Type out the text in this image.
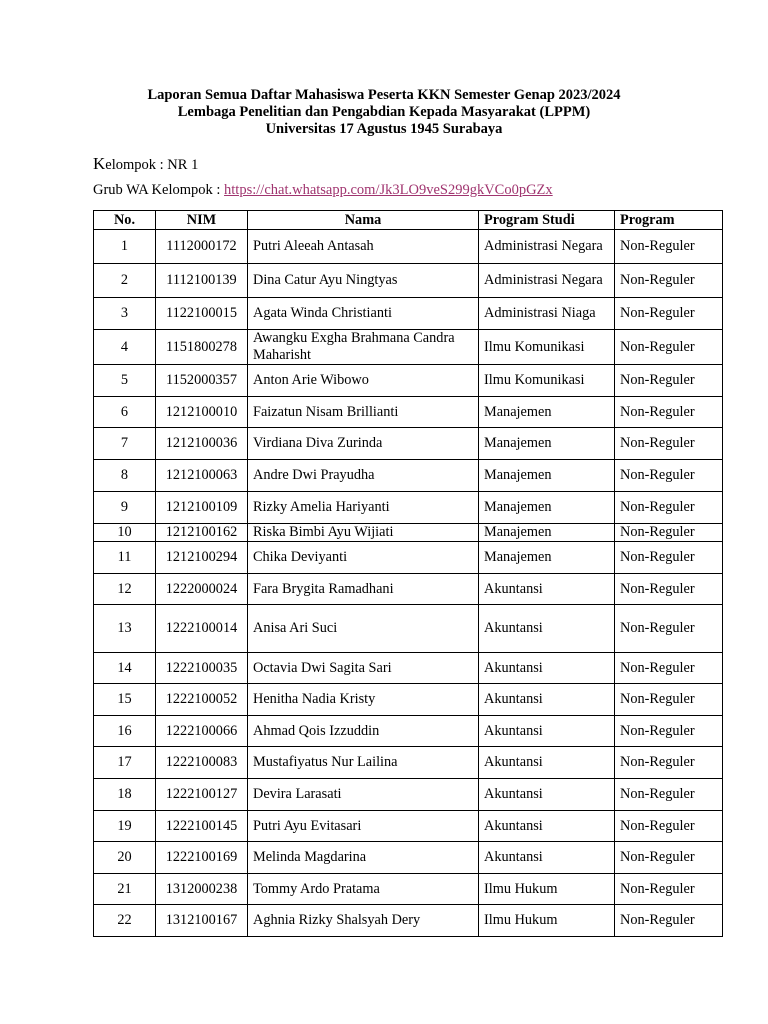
Laporan Semua Daftar Mahasiswa Peserta KKN Semester Genap 2023/2024
Lembaga Penelitian dan Pengabdian Kepada Masyarakat (LPPM)
Universitas 17 Agustus 1945 Surabaya
Kelompok : NR 1
Grub WA Kelompok : https://chat.whatsapp.com/Jk3LO9veS299gkVCo0pGZx
No.	NIM	Nama	Program Studi	Program
1	1112000172	Putri Aleeah Antasah	Administrasi Negara	Non-Reguler
2	1112100139	Dina Catur Ayu Ningtyas	Administrasi Negara	Non-Reguler
3	1122100015	Agata Winda Christianti	Administrasi Niaga	Non-Reguler
4	1151800278	Awangku Exgha Brahmana Candra Maharisht	Ilmu Komunikasi	Non-Reguler
5	1152000357	Anton Arie Wibowo	Ilmu Komunikasi	Non-Reguler
6	1212100010	Faizatun Nisam Brillianti	Manajemen	Non-Reguler
7	1212100036	Virdiana Diva Zurinda	Manajemen	Non-Reguler
8	1212100063	Andre Dwi Prayudha	Manajemen	Non-Reguler
9	1212100109	Rizky Amelia Hariyanti	Manajemen	Non-Reguler
10	1212100162	Riska Bimbi Ayu Wijiati	Manajemen	Non-Reguler
11	1212100294	Chika Deviyanti	Manajemen	Non-Reguler
12	1222000024	Fara Brygita Ramadhani	Akuntansi	Non-Reguler
13	1222100014	Anisa Ari Suci	Akuntansi	Non-Reguler
14	1222100035	Octavia Dwi Sagita Sari	Akuntansi	Non-Reguler
15	1222100052	Henitha Nadia Kristy	Akuntansi	Non-Reguler
16	1222100066	Ahmad Qois Izzuddin	Akuntansi	Non-Reguler
17	1222100083	Mustafiyatus Nur Lailina	Akuntansi	Non-Reguler
18	1222100127	Devira Larasati	Akuntansi	Non-Reguler
19	1222100145	Putri Ayu Evitasari	Akuntansi	Non-Reguler
20	1222100169	Melinda Magdarina	Akuntansi	Non-Reguler
21	1312000238	Tommy Ardo Pratama	Ilmu Hukum	Non-Reguler
22	1312100167	Aghnia Rizky Shalsyah Dery	Ilmu Hukum	Non-Reguler
